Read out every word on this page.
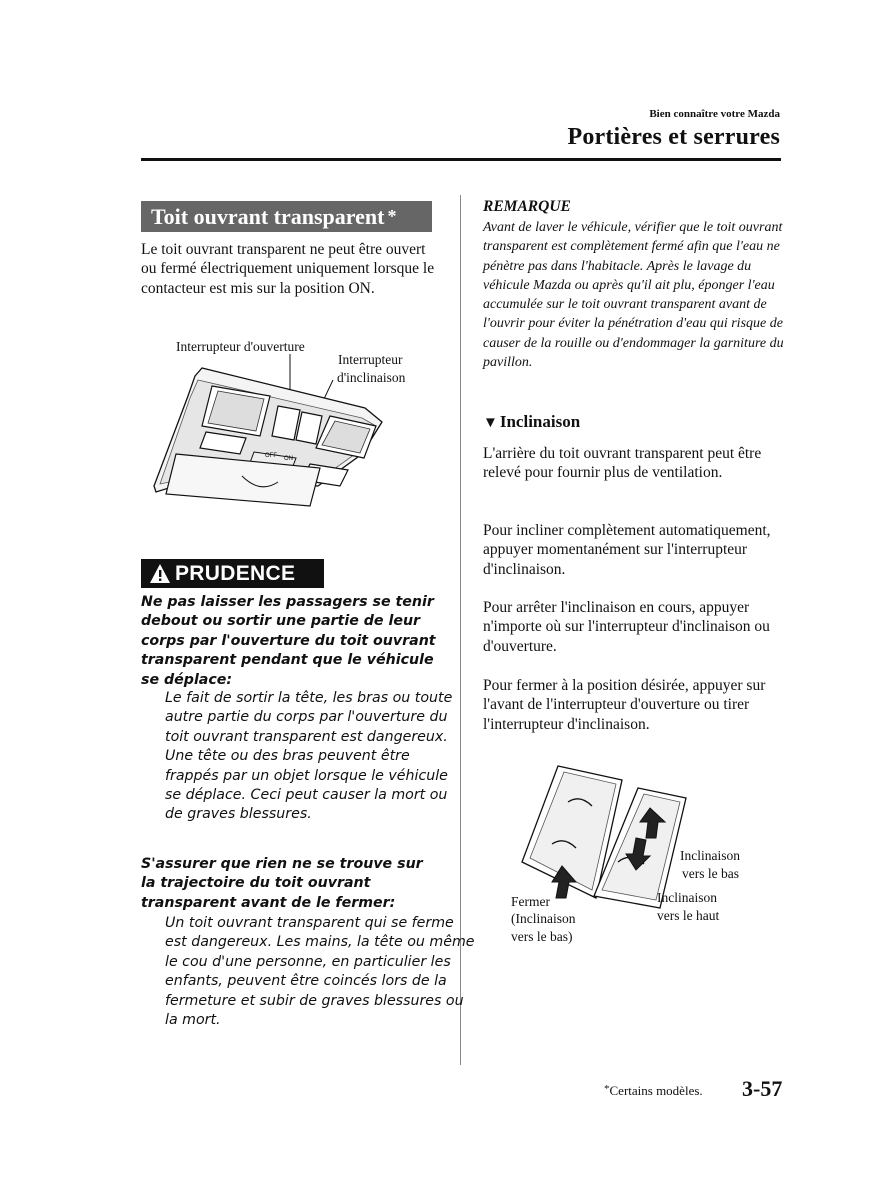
Bien connaître votre Mazda
Portières et serrures
Toit ouvrant transparent *
Le toit ouvrant transparent ne peut être ouvert ou fermé électriquement uniquement lorsque le contacteur est mis sur la position ON.
Interrupteur d'ouverture
Interrupteur
d'inclinaison
OFF ON
PRUDENCE
Ne pas laisser les passagers se tenir debout ou sortir une partie de leur corps par l'ouverture du toit ouvrant transparent pendant que le véhicule se déplace:
Le fait de sortir la tête, les bras ou toute autre partie du corps par l'ouverture du toit ouvrant transparent est dangereux. Une tête ou des bras peuvent être frappés par un objet lorsque le véhicule se déplace. Ceci peut causer la mort ou de graves blessures.
S'assurer que rien ne se trouve sur la trajectoire du toit ouvrant transparent avant de le fermer:
Un toit ouvrant transparent qui se ferme est dangereux. Les mains, la tête ou même le cou d'une personne, en particulier les enfants, peuvent être coincés lors de la fermeture et subir de graves blessures ou la mort.
REMARQUE
Avant de laver le véhicule, vérifier que le toit ouvrant transparent est complètement fermé afin que l'eau ne pénètre pas dans l'habitacle. Après le lavage du véhicule Mazda ou après qu'il ait plu, éponger l'eau accumulée sur le toit ouvrant transparent avant de l'ouvrir pour éviter la pénétration d'eau qui risque de causer de la rouille ou d'endommager la garniture du pavillon.
▼ Inclinaison
L'arrière du toit ouvrant transparent peut être relevé pour fournir plus de ventilation.
Pour incliner complètement automatiquement, appuyer momentanément sur l'interrupteur d'inclinaison.
Pour arrêter l'inclinaison en cours, appuyer n'importe où sur l'interrupteur d'inclinaison ou d'ouverture.
Pour fermer à la position désirée, appuyer sur l'avant de l'interrupteur d'ouverture ou tirer l'interrupteur d'inclinaison.
Inclinaison
vers le bas
Inclinaison
vers le haut
Fermer
(Inclinaison
vers le bas)
*Certains modèles. 3-57
